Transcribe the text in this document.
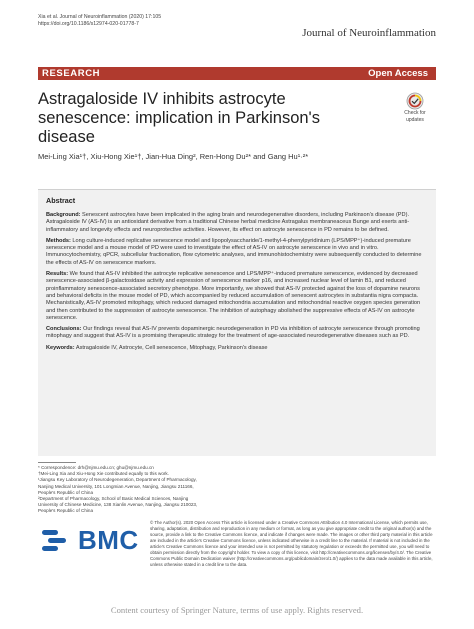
Xia et al. Journal of Neuroinflammation (2020) 17:105
https://doi.org/10.1186/s12974-020-01778-7
Journal of Neuroinflammation
RESEARCH	Open Access
Astragaloside IV inhibits astrocyte senescence: implication in Parkinson's disease
Check for
updates
Mei-Ling Xia¹†, Xiu-Hong Xie¹†, Jian-Hua Ding², Ren-Hong Du²* and Gang Hu¹·²*
Abstract

Background: Senescent astrocytes have been implicated in the aging brain and neurodegenerative disorders, including Parkinson's disease (PD). Astragaloside IV (AS-IV) is an antioxidant derivative from a traditional Chinese herbal medicine Astragalus membraneaceus Bunge and exerts anti-inflammatory and longevity effects and neuroprotective activities. However, its effect on astrocyte senescence in PD remains to be defined.

Methods: Long culture-induced replicative senescence model and lipopolysaccharide/1-methyl-4-phenylpyridinium (LPS/MPP⁺)-induced premature senescence model and a mouse model of PD were used to investigate the effect of AS-IV on astrocyte senescence in vivo and in vitro. Immunocytochemistry, qPCR, subcellular fractionation, flow cytometric analyses, and immunohistochemistry were subsequently conducted to determine the effects of AS-IV on senescence markers.

Results: We found that AS-IV inhibited the astrocyte replicative senescence and LPS/MPP⁺-induced premature senescence, evidenced by decreased senescence-associated β-galactosidase activity and expression of senescence marker p16, and increased nuclear level of lamin B1, and reduced proinflammatory senescence-associated secretory phenotype. More importantly, we showed that AS-IV protected against the loss of dopamine neurons and behavioral deficits in the mouse model of PD, which accompanied by reduced accumulation of senescent astrocytes in substantia nigra compacta. Mechanistically, AS-IV promoted mitophagy, which reduced damaged mitochondria accumulation and mitochondrial reactive oxygen species generation and then contributed to the suppression of astrocyte senescence. The inhibition of autophagy abolished the suppressive effects of AS-IV on astrocyte senescence.

Conclusions: Our findings reveal that AS-IV prevents dopaminergic neurodegeneration in PD via inhibition of astrocyte senescence through promoting mitophagy and suggest that AS-IV is a promising therapeutic strategy for the treatment of age-associated neurodegenerative diseases such as PD.

Keywords: Astragaloside IV, Astrocyte, Cell senescence, Mitophagy, Parkinson's disease

* Correspondence: drh@njmu.edu.cn; ghu@njmu.edu.cn
†Mei-Ling Xia and Xiu-Hong Xie contributed equally to this work.
¹Jiangsu Key Laboratory of Neurodegeneration, Department of Pharmacology, Nanjing Medical University, 101 Longmian Avenue, Nanjing, Jiangsu 211166, People's Republic of China
²Department of Pharmacology, School of Basic Medical Sciences, Nanjing University of Chinese Medicine, 138 Xianlin Avenue, Nanjing, Jiangsu 210023, People's Republic of China
BMC
© The Author(s). 2020 Open Access This article is licensed under a Creative Commons Attribution 4.0 International License, which permits use, sharing, adaptation, distribution and reproduction in any medium or format, as long as you give appropriate credit to the original author(s) and the source, provide a link to the Creative Commons licence, and indicate if changes were made. The images or other third party material in this article are included in the article's Creative Commons licence, unless indicated otherwise in a credit line to the material. If material is not included in the article's Creative Commons licence and your intended use is not permitted by statutory regulation or exceeds the permitted use, you will need to obtain permission directly from the copyright holder. To view a copy of this licence, visit http://creativecommons.org/licenses/by/4.0/. The Creative Commons Public Domain Dedication waiver (http://creativecommons.org/publicdomain/zero/1.0/) applies to the data made available in this article, unless otherwise stated in a credit line to the data.
Content courtesy of Springer Nature, terms of use apply. Rights reserved.
